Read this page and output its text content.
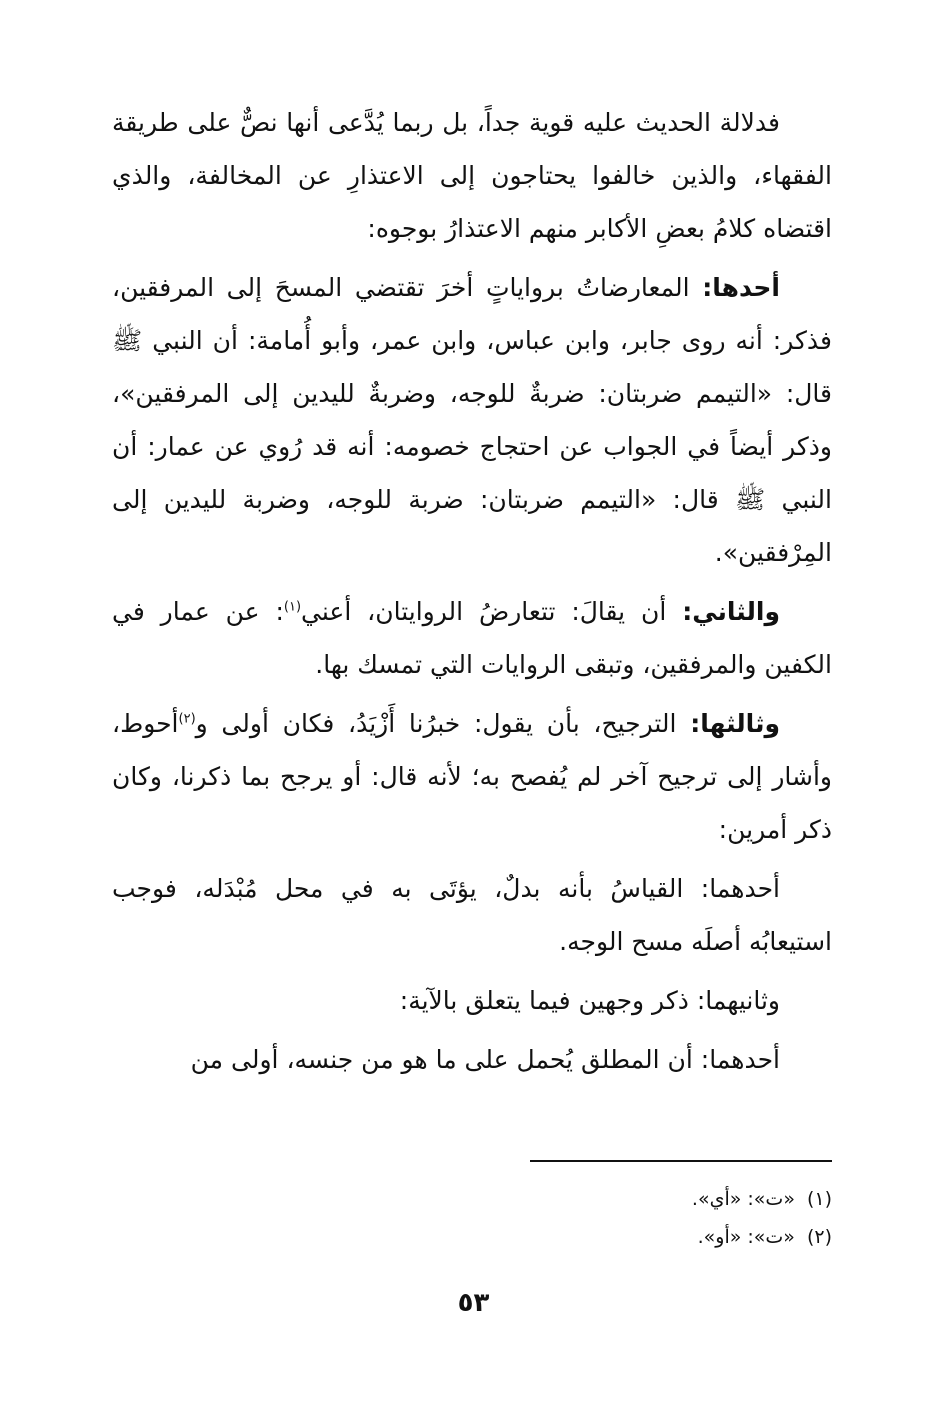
فدلالة الحديث عليه قوية جداً، بل ربما يُدَّعى أنها نصٌّ على طريقة الفقهاء، والذين خالفوا يحتاجون إلى الاعتذارِ عن المخالفة، والذي اقتضاه كلامُ بعضِ الأكابر منهم الاعتذارُ بوجوه:

أحدها: المعارضاتُ برواياتٍ أخرَ تقتضي المسحَ إلى المرفقين، فذكر: أنه روى جابر، وابن عباس، وابن عمر، وأبو أُمامة: أن النبي ﷺ قال: «التيمم ضربتان: ضربةٌ للوجه، وضربةٌ لليدين إلى المرفقين»، وذكر أيضاً في الجواب عن احتجاج خصومه: أنه قد رُوي عن عمار: أن النبي ﷺ قال: «التيمم ضربتان: ضربة للوجه، وضربة لليدين إلى المِرْفقين».

والثاني: أن يقالَ: تتعارضُ الروايتان، أعني$^{(١)}$: عن عمار في الكفين والمرفقين، وتبقى الروايات التي تمسك بها.

وثالثها: الترجيح، بأن يقول: خبرُنا أَزْيَدُ، فكان أولى و$^{(٢)}$أحوط، وأشار إلى ترجيح آخر لم يُفصح به؛ لأنه قال: أو يرجح بما ذكرنا، وكان ذكر أمرين:

أحدهما: القياسُ بأنه بدلٌ، يؤتَى به في محل مُبْدَله، فوجب استيعابُه أصلَه مسح الوجه.

وثانيهما: ذكر وجهين فيما يتعلق بالآية:

أحدهما: أن المطلق يُحمل على ما هو من جنسه، أولى من

(١)«ت»: «أي».

(٢)«ت»: «أو».

٥٣
